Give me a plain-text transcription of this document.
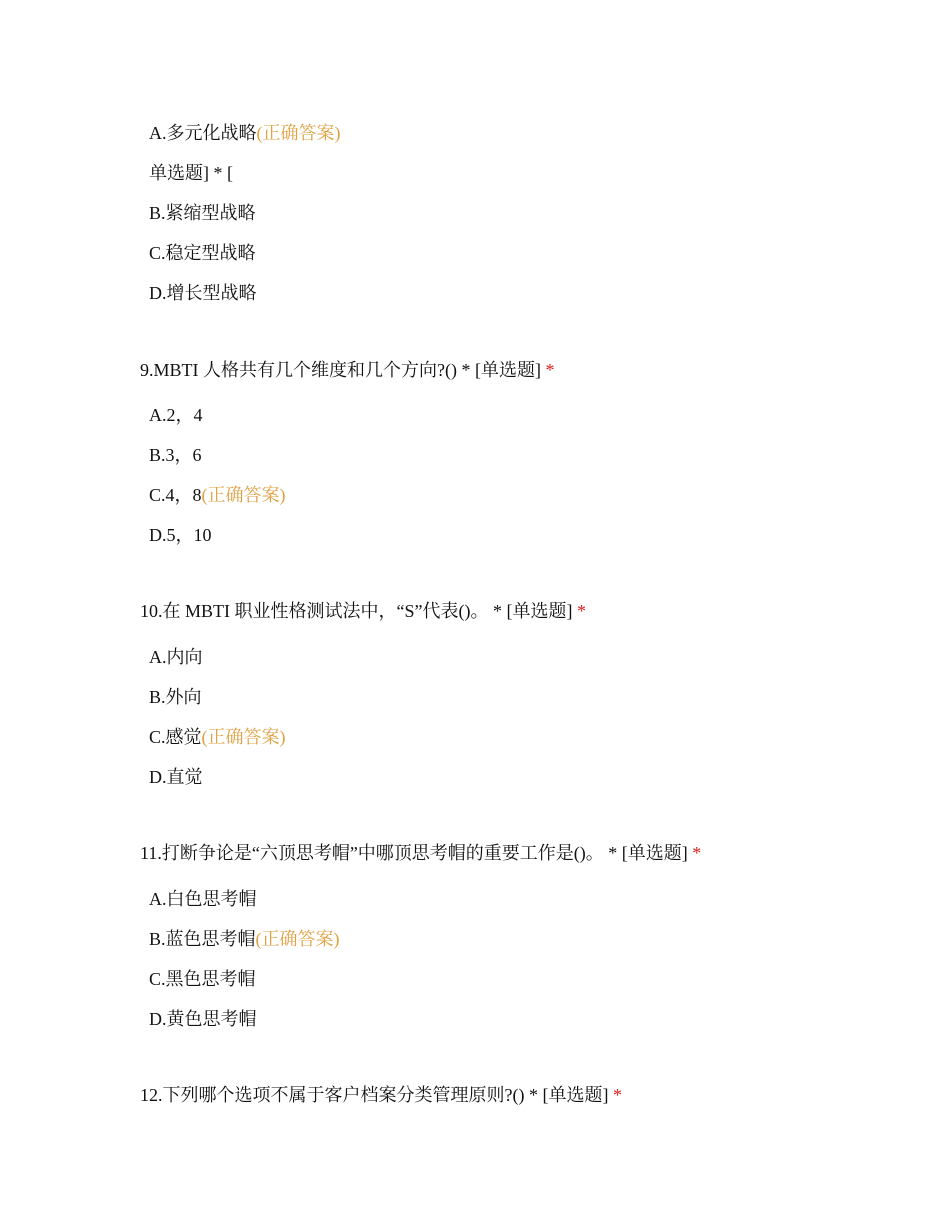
A.多元化战略(正确答案)
单选题] * [
B.紧缩型战略
C.稳定型战略
D.增长型战略
9.MBTI 人格共有几个维度和几个方向?() * [单选题] *
A.2，4
B.3，6
C.4，8(正确答案)
D.5，10
10.在 MBTI 职业性格测试法中，“S”代表()。 * [单选题] *
A.内向
B.外向
C.感觉(正确答案)
D.直觉
11.打断争论是“六顶思考帽”中哪顶思考帽的重要工作是()。 * [单选题] *
A.白色思考帽
B.蓝色思考帽(正确答案)
C.黑色思考帽
D.黄色思考帽
12.下列哪个选项不属于客户档案分类管理原则?() * [单选题] *
